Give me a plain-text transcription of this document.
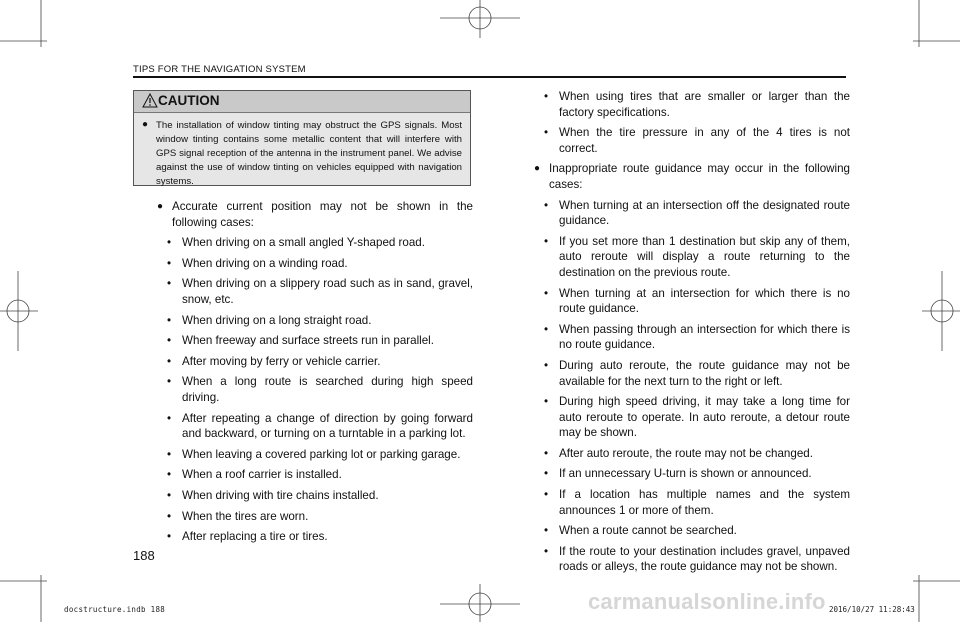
TIPS FOR THE NAVIGATION SYSTEM
CAUTION
● The installation of window tinting may obstruct the GPS signals. Most window tinting contains some metallic content that will interfere with GPS signal reception of the antenna in the instrument panel. We advise against the use of window tinting on vehicles equipped with navigation systems.
● Accurate current position may not be shown in the following cases:
• When driving on a small angled Y-shaped road.
• When driving on a winding road.
• When driving on a slippery road such as in sand, gravel, snow, etc.
• When driving on a long straight road.
• When freeway and surface streets run in parallel.
• After moving by ferry or vehicle carrier.
• When a long route is searched during high speed driving.
• After repeating a change of direction by going forward and backward, or turning on a turntable in a parking lot.
• When leaving a covered parking lot or parking garage.
• When a roof carrier is installed.
• When driving with tire chains installed.
• When the tires are worn.
• After replacing a tire or tires.
• When using tires that are smaller or larger than the factory specifications.
• When the tire pressure in any of the 4 tires is not correct.
● Inappropriate route guidance may occur in the following cases:
• When turning at an intersection off the designated route guidance.
• If you set more than 1 destination but skip any of them, auto reroute will display a route returning to the destination on the previous route.
• When turning at an intersection for which there is no route guidance.
• When passing through an intersection for which there is no route guidance.
• During auto reroute, the route guidance may not be available for the next turn to the right or left.
• During high speed driving, it may take a long time for auto reroute to operate. In auto reroute, a detour route may be shown.
• After auto reroute, the route may not be changed.
• If an unnecessary U-turn is shown or announced.
• If a location has multiple names and the system announces 1 or more of them.
• When a route cannot be searched.
• If the route to your destination includes gravel, unpaved roads or alleys, the route guidance may not be shown.
188
docstructure.indb 188	2016/10/27 11:28:43
carmanualsonline.info
